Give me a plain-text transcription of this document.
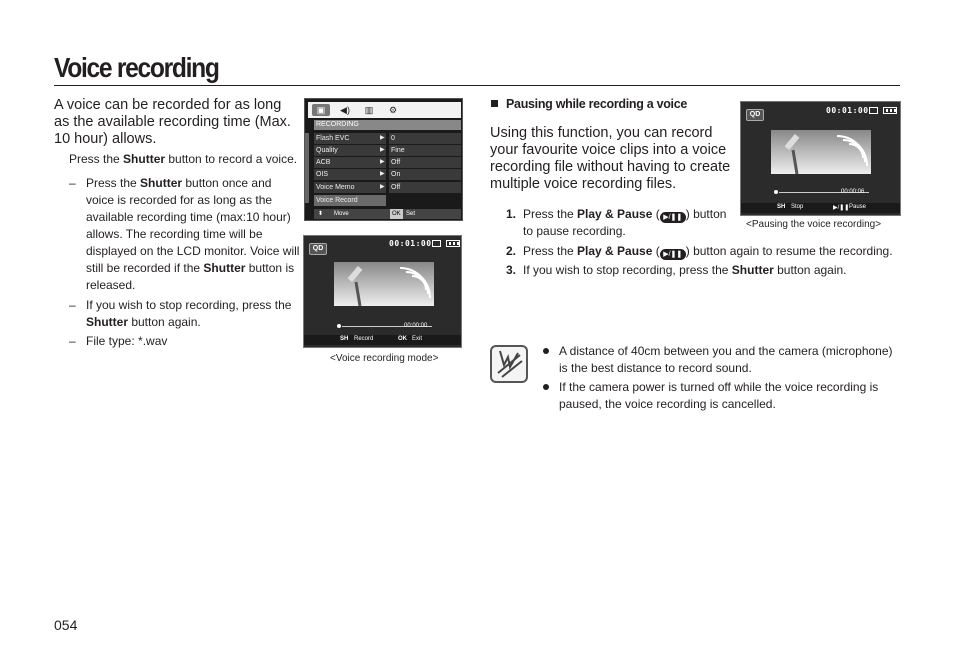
Voice recording
A voice can be recorded for as long as the available recording time (Max. 10 hour) allows.
Press the Shutter button to record a voice.
– Press the Shutter button once and voice is recorded for as long as the available recording time (max:10 hour) allows. The recording time will be displayed on the LCD monitor. Voice will still be recorded if the Shutter button is released.
– If you wish to stop recording, press the Shutter button again.
– File type: *.wav
▣	◀)	▥	⚙
RECORDING
Flash EVC	▶ 0
Quality	▶ Fine
ACB	▶ Off
OIS	▶ On
Voice Memo	▶ Off
Voice Record
⬍ Move	OK Set
QD
00:01:00
00:00:00
SH Record	OK Exit
<Voice recording mode>
Pausing while recording a voice
Using this function, you can record your favourite voice clips into a voice recording file without having to create multiple voice recording files.
1. Press the Play & Pause ( ▶/❚❚ ) button
to pause recording.
2. Press the Play & Pause ( ▶/❚❚ ) button again to resume the recording.
3. If you wish to stop recording, press the Shutter button again.
QD	00:01:00
00:00:06
SH Stop	▶/❚❚ Pause
<Pausing the voice recording>
A distance of 40cm between you and the camera (microphone) is the best distance to record sound.
If the camera power is turned off while the voice recording is paused, the voice recording is cancelled.
054
